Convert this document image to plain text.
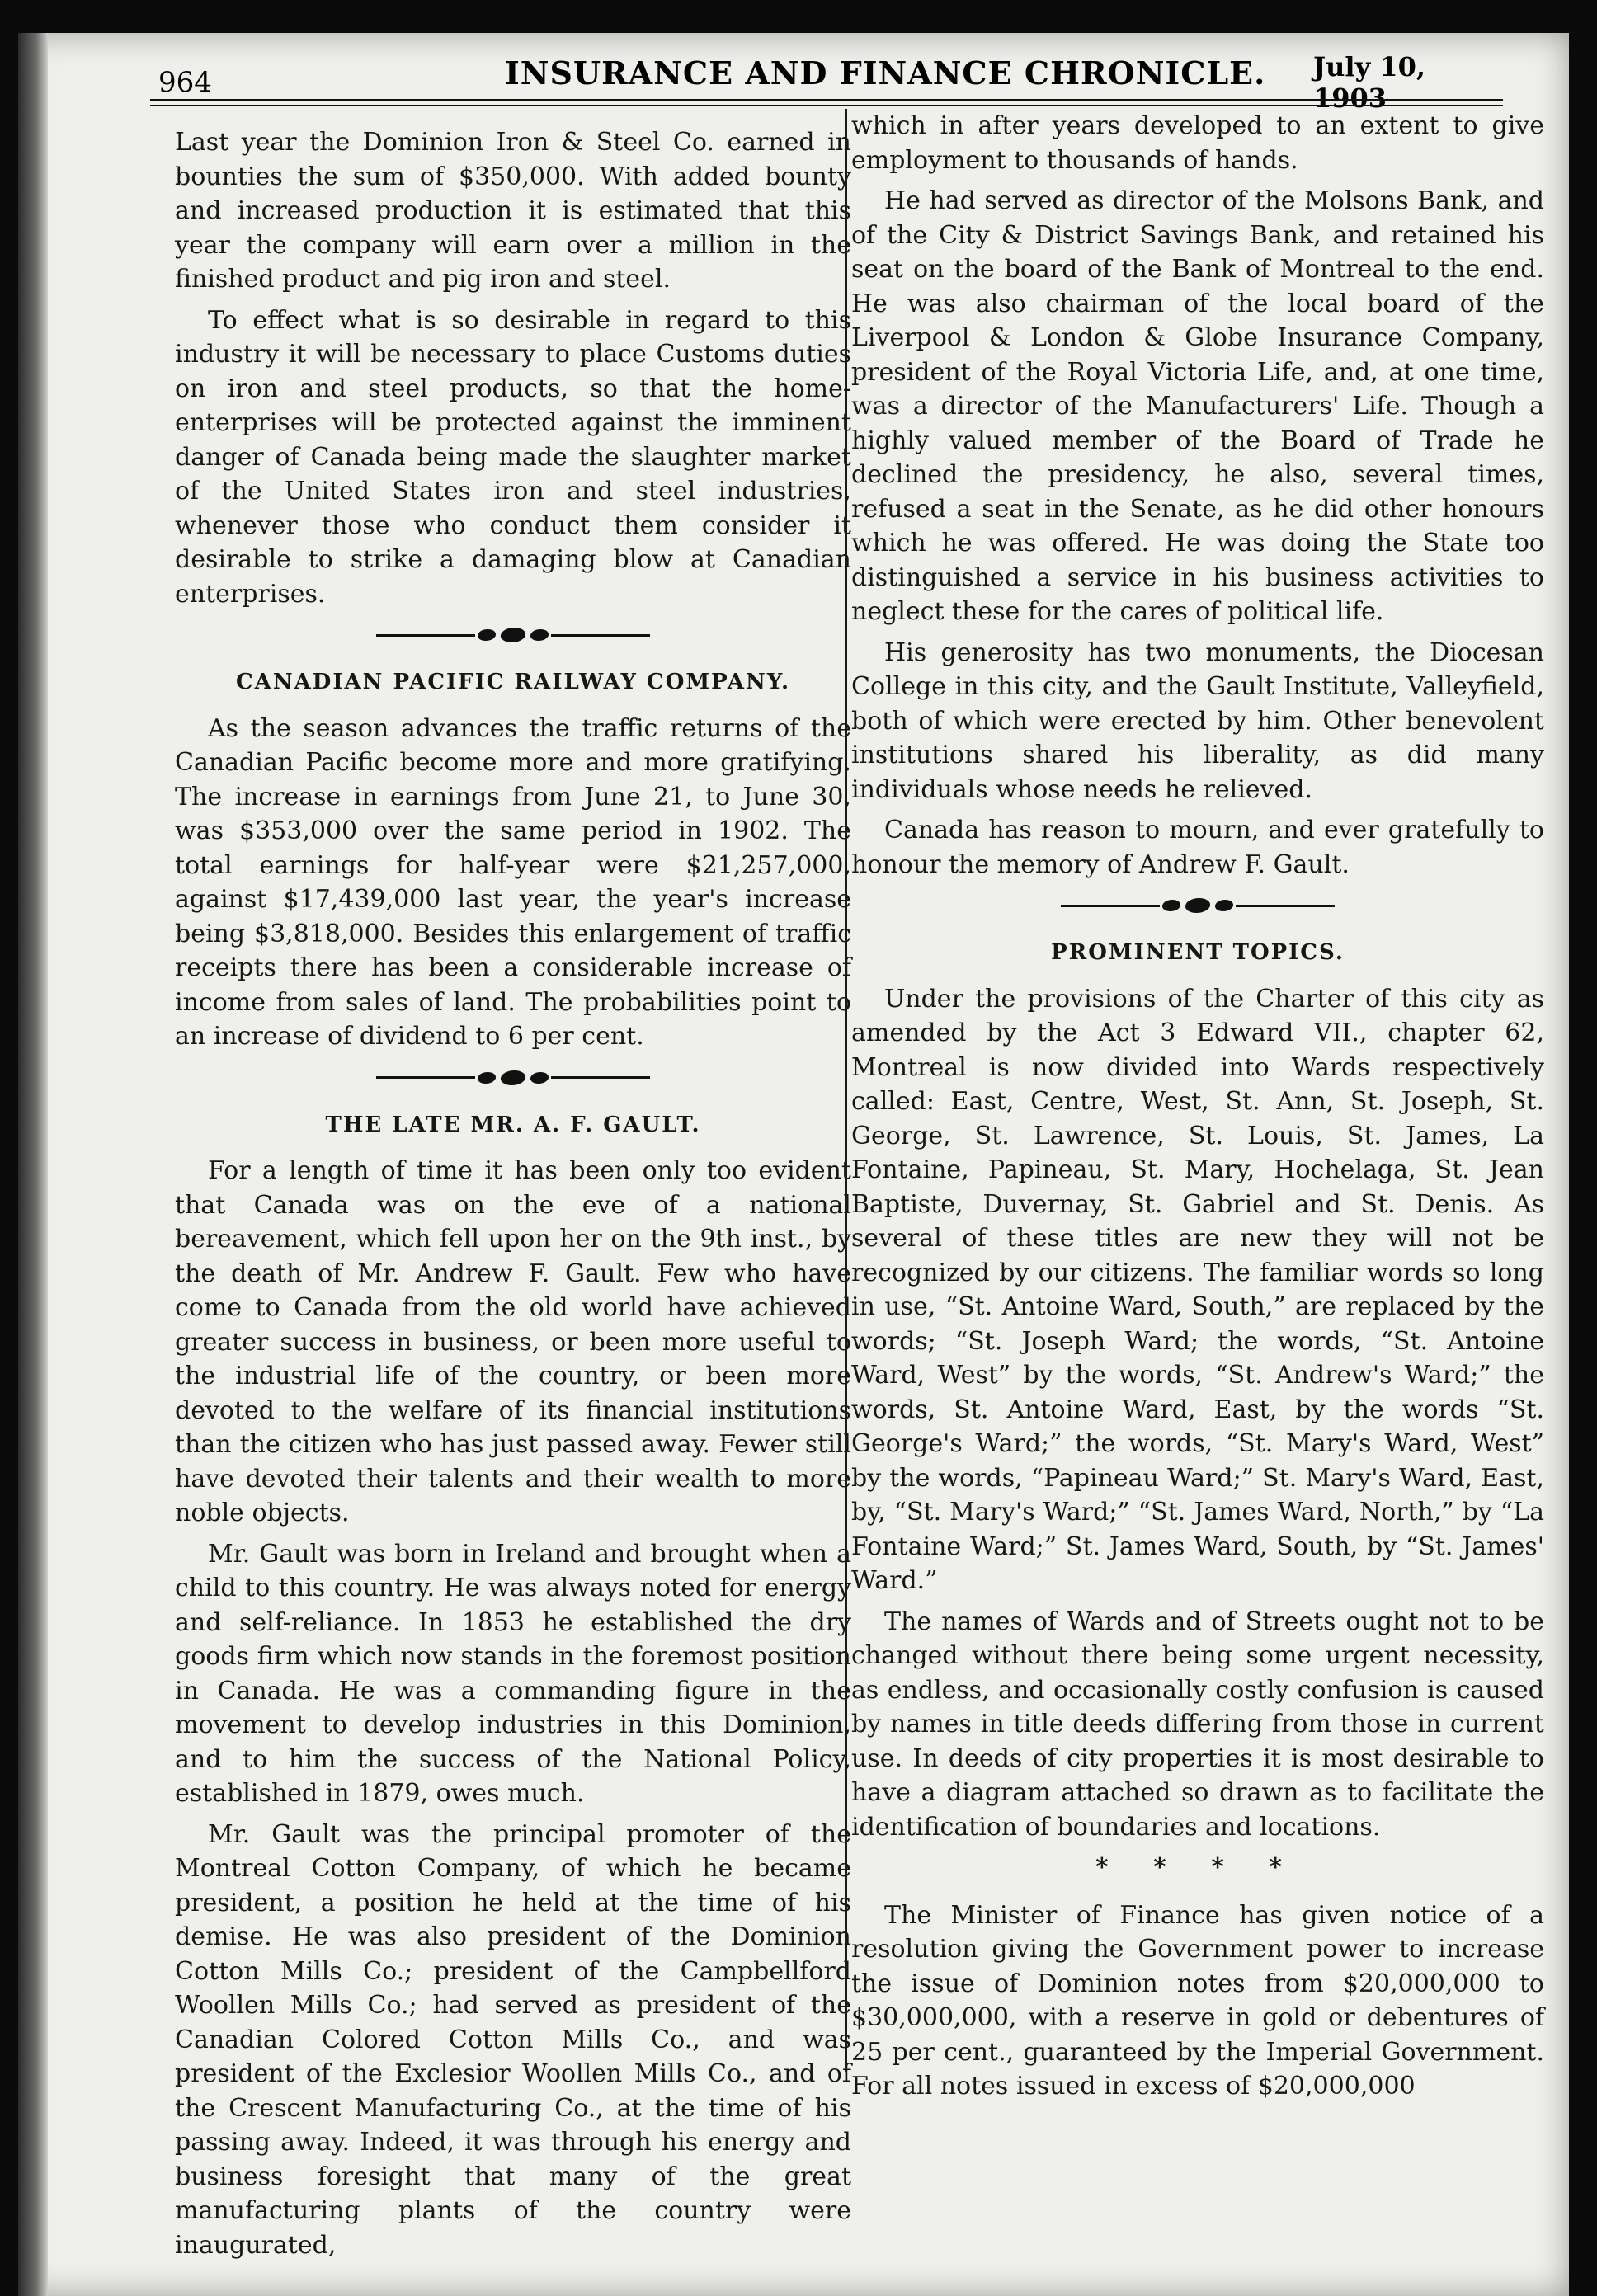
964	INSURANCE AND FINANCE CHRONICLE. July 10, 1903

Last year the Dominion Iron & Steel Co. earned in bounties the sum of $350,000. With added bounty and increased production it is estimated that this year the company will earn over a million in the finished product and pig iron and steel.

To effect what is so desirable in regard to this industry it will be necessary to place Customs duties on iron and steel products, so that the home-enterprises will be protected against the imminent danger of Canada being made the slaughter market of the United States iron and steel industries, whenever those who conduct them consider it desirable to strike a damaging blow at Canadian enterprises.

CANADIAN PACIFIC RAILWAY COMPANY.

As the season advances the traffic returns of the Canadian Pacific become more and more gratifying. The increase in earnings from June 21, to June 30, was $353,000 over the same period in 1902. The total earnings for half-year were $21,257,000, against $17,439,000 last year, the year's increase being $3,818,000. Besides this enlargement of traffic receipts there has been a considerable increase of income from sales of land. The probabilities point to an increase of dividend to 6 per cent.

THE LATE MR. A. F. GAULT.

For a length of time it has been only too evident that Canada was on the eve of a national bereavement, which fell upon her on the 9th inst., by the death of Mr. Andrew F. Gault. Few who have come to Canada from the old world have achieved greater success in business, or been more useful to the industrial life of the country, or been more devoted to the welfare of its financial institutions than the citizen who has just passed away. Fewer still have devoted their talents and their wealth to more noble objects.

Mr. Gault was born in Ireland and brought when a child to this country. He was always noted for energy and self-reliance. In 1853 he established the dry goods firm which now stands in the foremost position in Canada. He was a commanding figure in the movement to develop industries in this Dominion, and to him the success of the National Policy, established in 1879, owes much.

Mr. Gault was the principal promoter of the Montreal Cotton Company, of which he became president, a position he held at the time of his demise. He was also president of the Dominion Cotton Mills Co.; president of the Campbellford Woollen Mills Co.; had served as president of the Canadian Colored Cotton Mills Co., and was president of the Exclesior Woollen Mills Co., and of the Crescent Manufacturing Co., at the time of his passing away. Indeed, it was through his energy and business foresight that many of the great manufacturing plants of the country were inaugurated,

which in after years developed to an extent to give employment to thousands of hands.

He had served as director of the Molsons Bank, and of the City & District Savings Bank, and retained his seat on the board of the Bank of Montreal to the end. He was also chairman of the local board of the Liverpool & London & Globe Insurance Company, president of the Royal Victoria Life, and, at one time, was a director of the Manufacturers' Life. Though a highly valued member of the Board of Trade he declined the presidency, he also, several times, refused a seat in the Senate, as he did other honours which he was offered. He was doing the State too distinguished a service in his business activities to neglect these for the cares of political life.

His generosity has two monuments, the Diocesan College in this city, and the Gault Institute, Valleyfield, both of which were erected by him. Other benevolent institutions shared his liberality, as did many individuals whose needs he relieved.

Canada has reason to mourn, and ever gratefully to honour the memory of Andrew F. Gault.

PROMINENT TOPICS.

Under the provisions of the Charter of this city as amended by the Act 3 Edward VII., chapter 62, Montreal is now divided into Wards respectively called: East, Centre, West, St. Ann, St. Joseph, St. George, St. Lawrence, St. Louis, St. James, La Fontaine, Papineau, St. Mary, Hochelaga, St. Jean Baptiste, Duvernay, St. Gabriel and St. Denis. As several of these titles are new they will not be recognized by our citizens. The familiar words so long in use, “St. Antoine Ward, South,” are replaced by the words; “St. Joseph Ward; the words, “St. Antoine Ward, West” by the words, “St. Andrew's Ward;” the words, St. Antoine Ward, East, by the words “St. George's Ward;” the words, “St. Mary's Ward, West” by the words, “Papineau Ward;” St. Mary's Ward, East, by, “St. Mary's Ward;” “St. James Ward, North,” by “La Fontaine Ward;” St. James Ward, South, by “St. James' Ward.”

The names of Wards and of Streets ought not to be changed without there being some urgent necessity, as endless, and occasionally costly confusion is caused by names in title deeds differing from those in current use. In deeds of city properties it is most desirable to have a diagram attached so drawn as to facilitate the identification of boundaries and locations.

* * * *

The Minister of Finance has given notice of a resolution giving the Government power to increase the issue of Dominion notes from $20,000,000 to $30,000,000, with a reserve in gold or debentures of 25 per cent., guaranteed by the Imperial Government. For all notes issued in excess of $20,000,000
